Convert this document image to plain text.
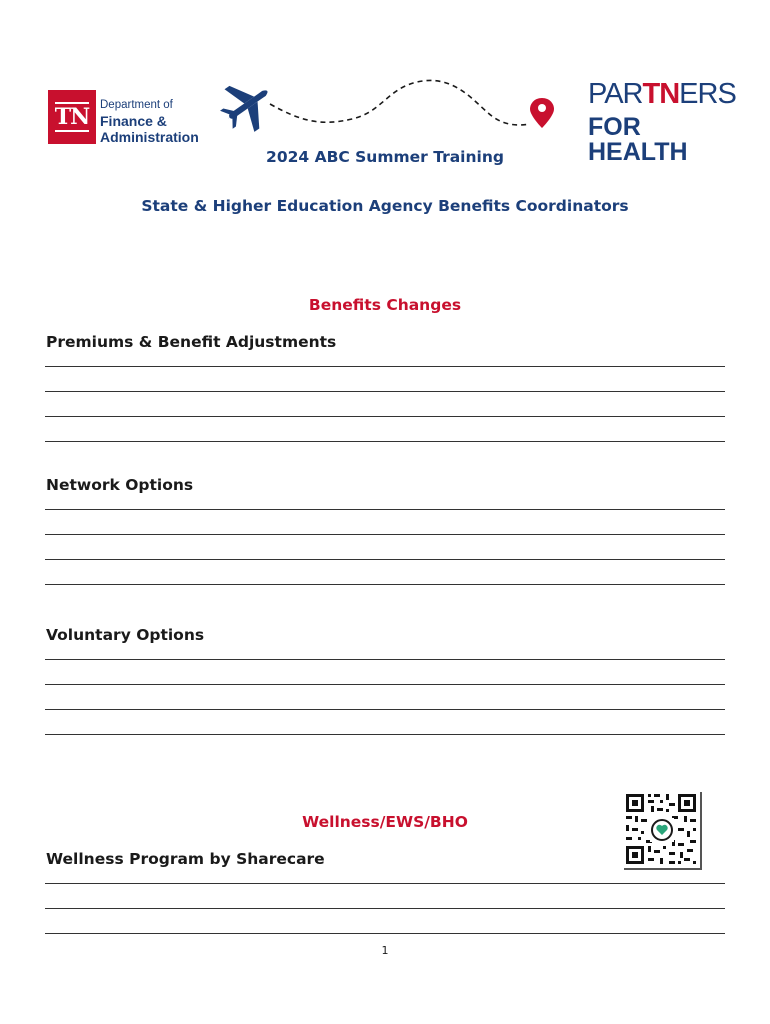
TN Department of
Finance &
Administration
PARTNERS
FOR HEALTH
2024 ABC Summer Training
State & Higher Education Agency Benefits Coordinators
Benefits Changes
Premiums & Benefit Adjustments
Network Options
Voluntary Options
Wellness/EWS/BHO
Wellness Program by Sharecare
1
